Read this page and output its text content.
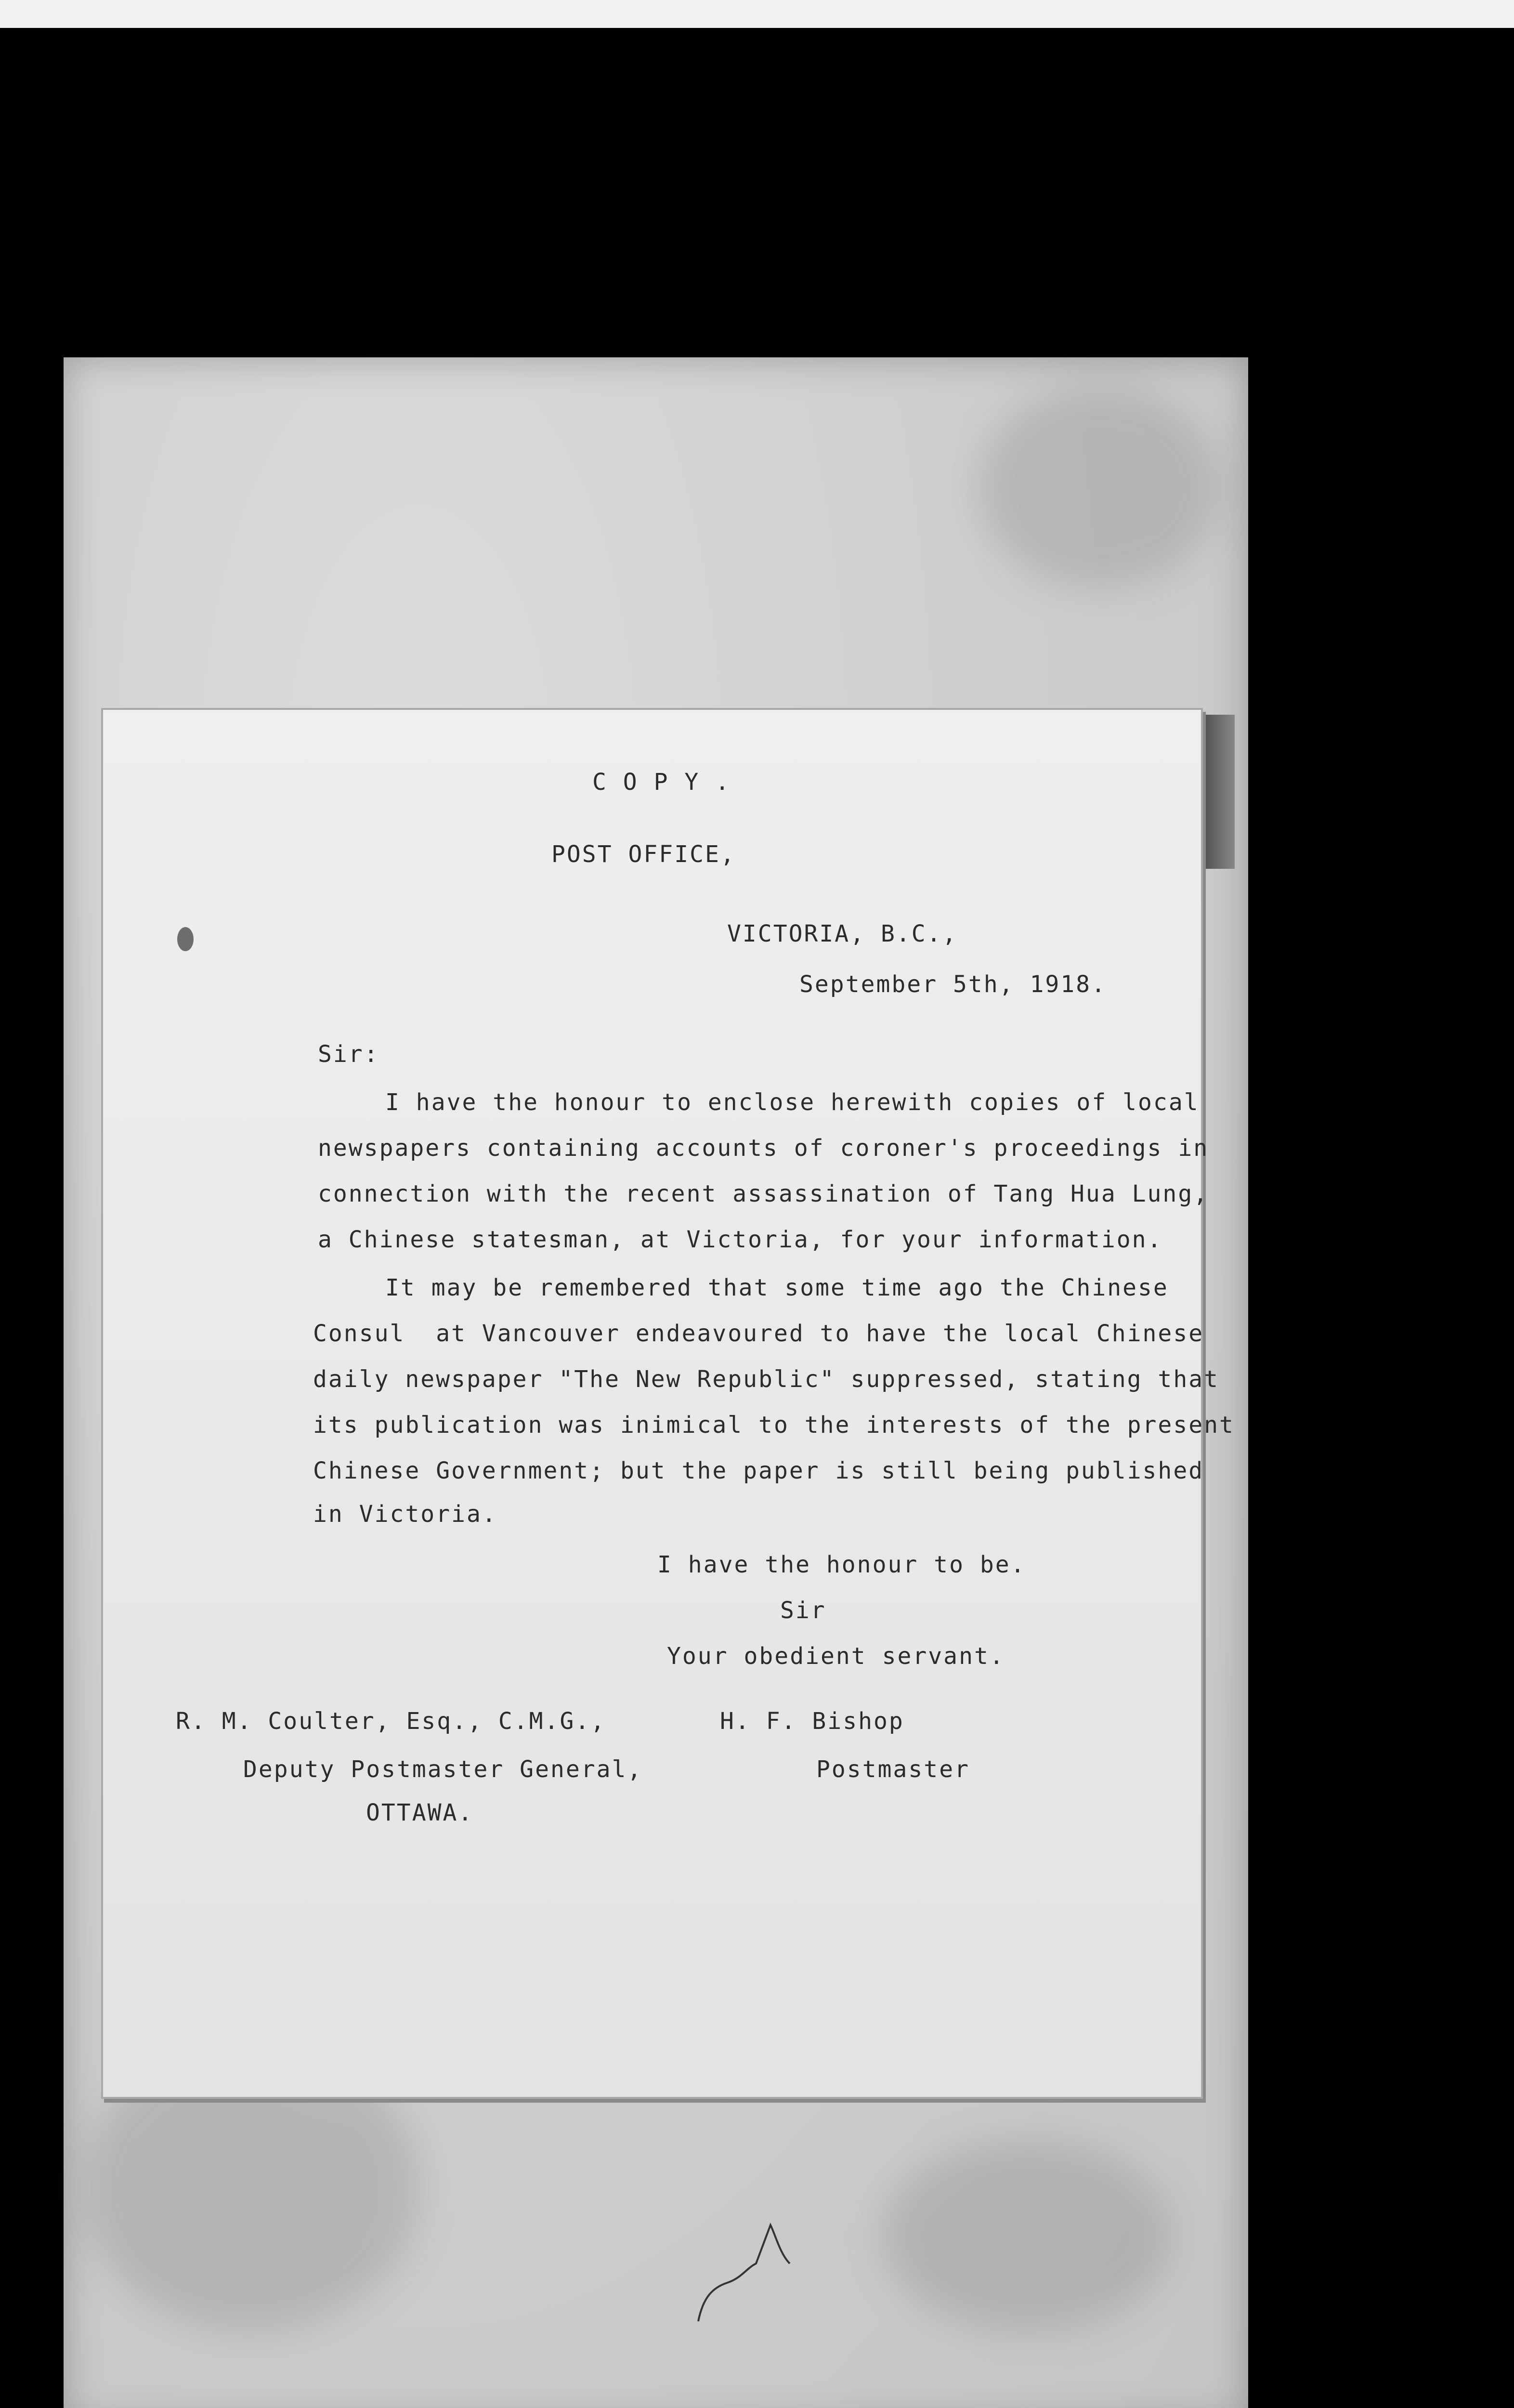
C O P Y .
POST OFFICE,
VICTORIA, B.C.,
September 5th, 1918.
Sir:
I have the honour to enclose herewith copies of local
newspapers containing accounts of coroner's proceedings in
connection with the recent assassination of Tang Hua Lung,
a Chinese statesman, at Victoria, for your information.
It may be remembered that some time ago the Chinese
Consul  at Vancouver endeavoured to have the local Chinese
daily newspaper "The New Republic" suppressed, stating that
its publication was inimical to the interests of the present
Chinese Government; but the paper is still being published
in Victoria.
I have the honour to be.
Sir
Your obedient servant.
R. M. Coulter, Esq., C.M.G.,
Deputy Postmaster General,
OTTAWA.
H. F. Bishop
Postmaster
